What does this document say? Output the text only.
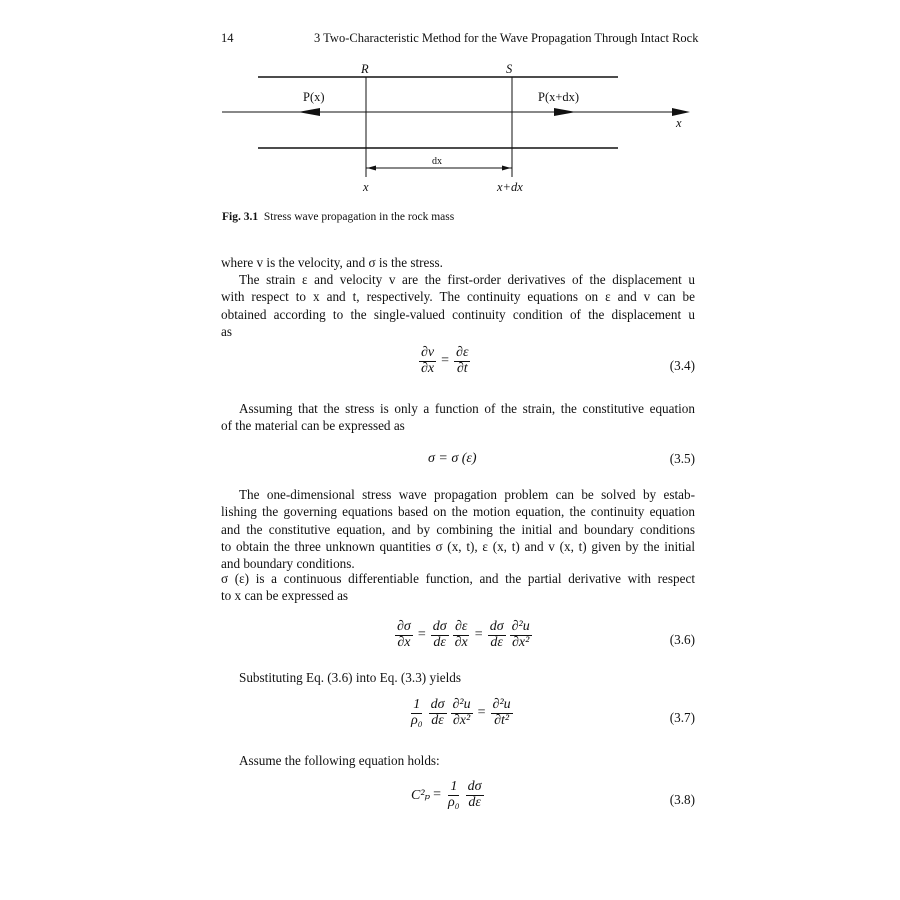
14	3 Two-Characteristic Method for the Wave Propagation Through Intact Rock
R	S
P(x)	P(x+dx)
x
dx
x	x+dx
Fig. 3.1 Stress wave propagation in the rock mass
where v is the velocity, and σ is the stress.
The strain ε and velocity v are the first-order derivatives of the displacement u
with respect to x and t, respectively. The continuity equations on ε and v can be
obtained according to the single-valued continuity condition of the displacement u
as
$\frac{\partial v}{\partial x} = \frac{\partial\varepsilon}{\partial t}$	(3.4)
Assuming that the stress is only a function of the strain, the constitutive equation
of the material can be expressed as
σ = σ (ε)	(3.5)
The one-dimensional stress wave propagation problem can be solved by estab-
lishing the governing equations based on the motion equation, the continuity equation
and the constitutive equation, and by combining the initial and boundary conditions
to obtain the three unknown quantities σ (x, t), ε (x, t) and v (x, t) given by the initial
and boundary conditions.
σ (ε) is a continuous differentiable function, and the partial derivative with respect
to x can be expressed as
$\frac{\partial\sigma}{\partial x} = \frac{d\sigma}{d\varepsilon} \frac{\partial\varepsilon}{\partial x} = \frac{d\sigma}{d\varepsilon} \frac{\text{∂²u}}{\text{∂x²}}$	(3.6)
Substituting Eq. (3.6) into Eq. (3.3) yields
$\frac{1}{\text{ρ₀}} \frac{d\sigma}{d\varepsilon} \frac{\text{∂²u}}{\text{∂x²}} = \frac{\text{∂²u}}{\text{∂t²}}$	(3.7)
Assume the following equation holds:
$C^2_p = \frac{1}{\text{ρ₀}} \frac{d\sigma}{d\varepsilon}$	(3.8)
